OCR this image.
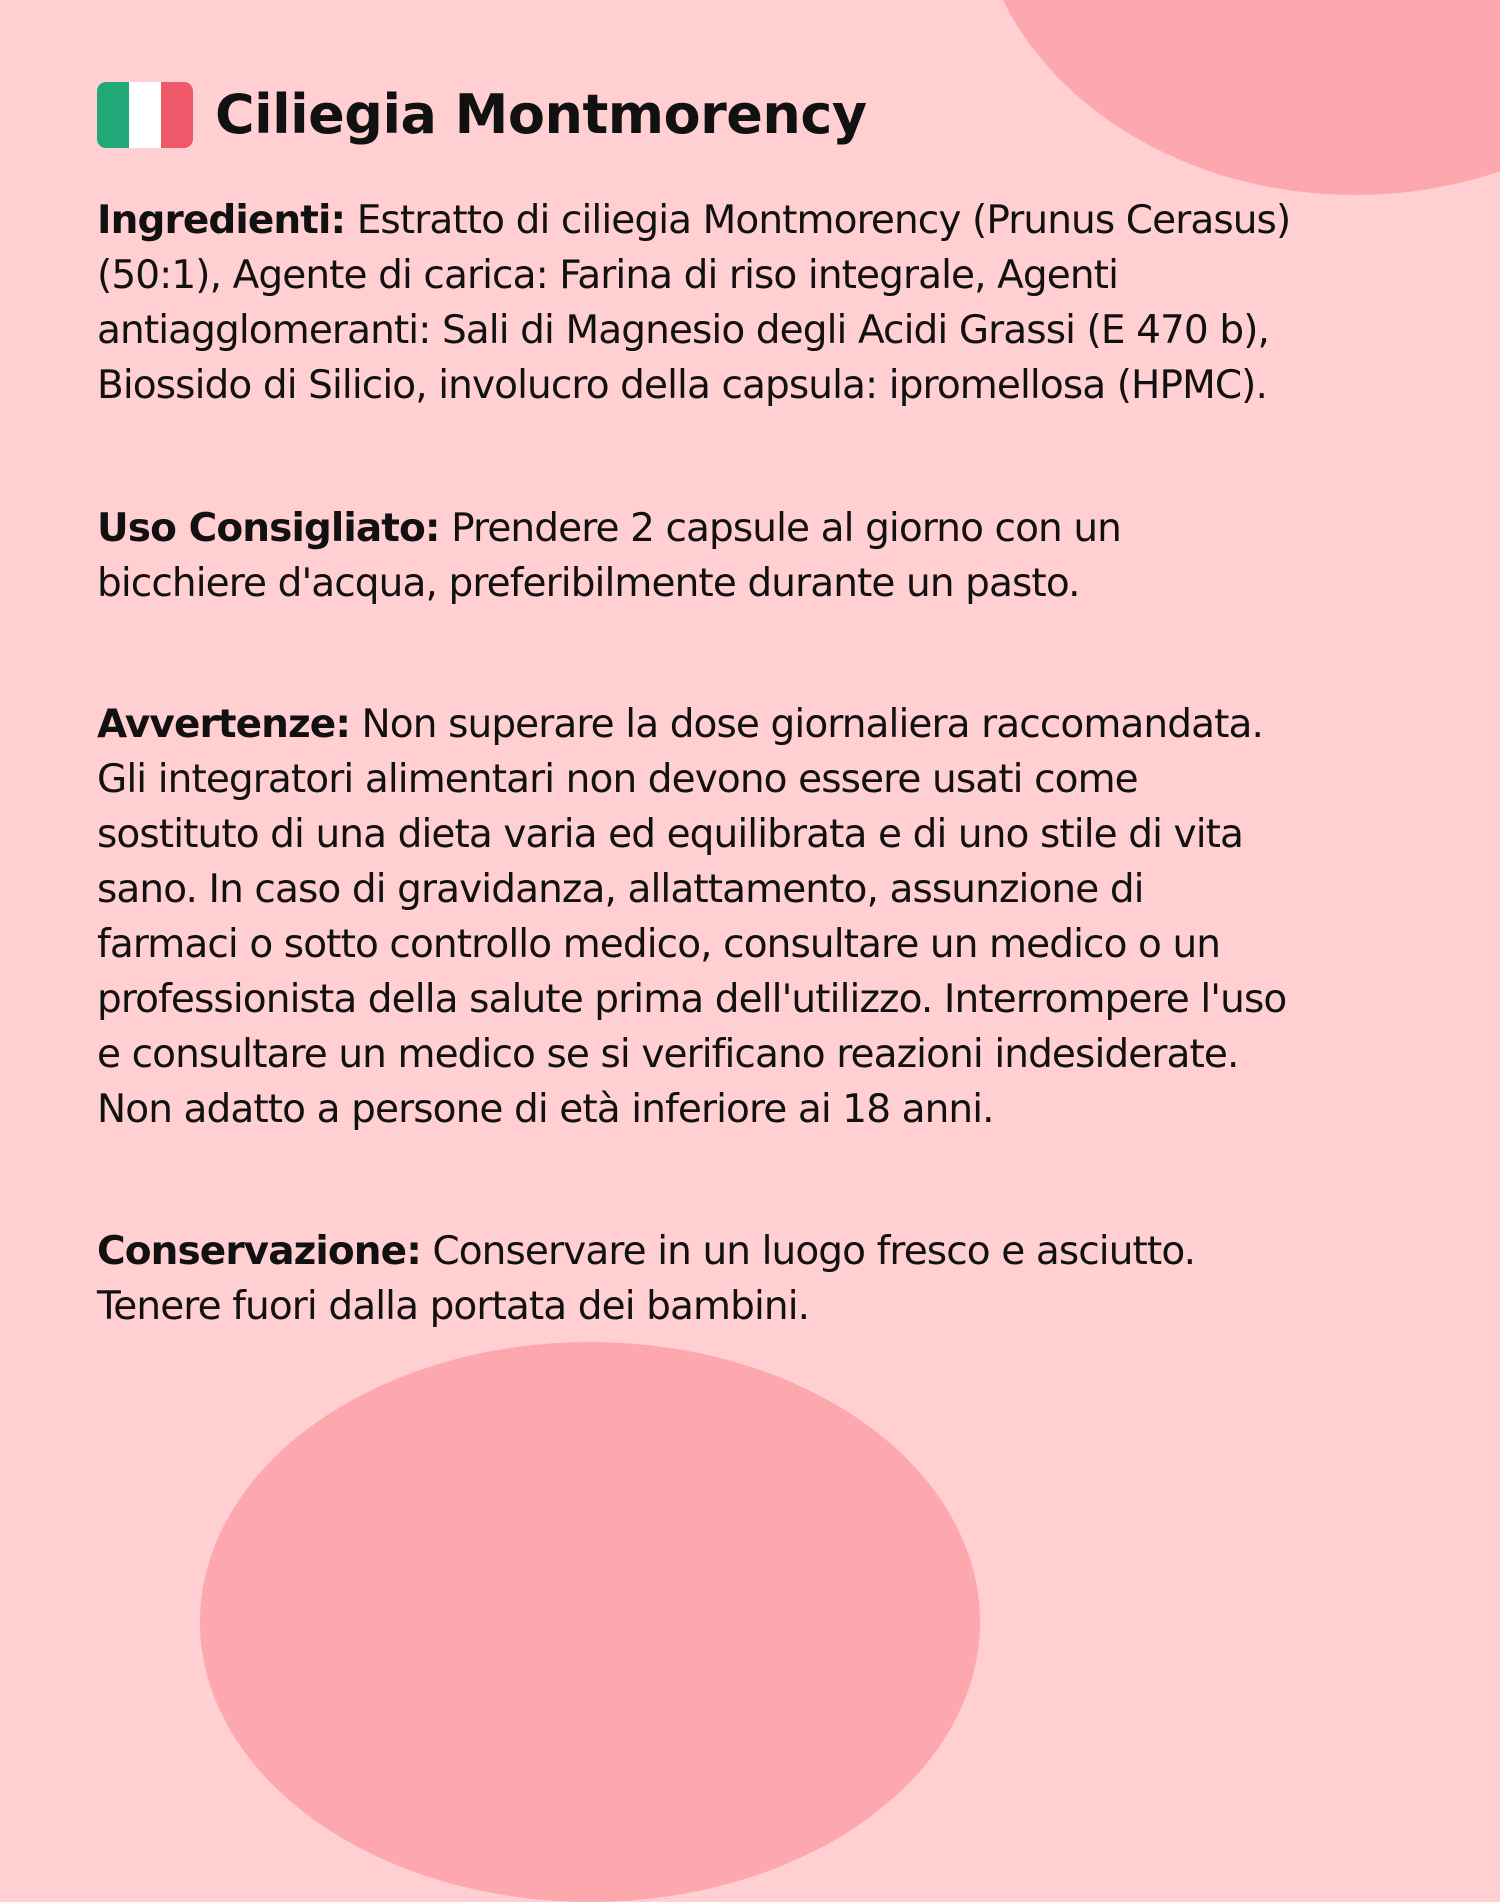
Ciliegia Montmorency

Ingredienti: Estratto di ciliegia Montmorency (Prunus Cerasus)
(50:1), Agente di carica: Farina di riso integrale, Agenti
antiagglomeranti: Sali di Magnesio degli Acidi Grassi (E 470 b),
Biossido di Silicio, involucro della capsula: ipromellosa (HPMC).

Uso Consigliato: Prendere 2 capsule al giorno con un
bicchiere d'acqua, preferibilmente durante un pasto.

Avvertenze: Non superare la dose giornaliera raccomandata.
Gli integratori alimentari non devono essere usati come
sostituto di una dieta varia ed equilibrata e di uno stile di vita
sano. In caso di gravidanza, allattamento, assunzione di
farmaci o sotto controllo medico, consultare un medico o un
professionista della salute prima dell'utilizzo. Interrompere l'uso
e consultare un medico se si verificano reazioni indesiderate.
Non adatto a persone di età inferiore ai 18 anni.

Conservazione: Conservare in un luogo fresco e asciutto.
Tenere fuori dalla portata dei bambini.
